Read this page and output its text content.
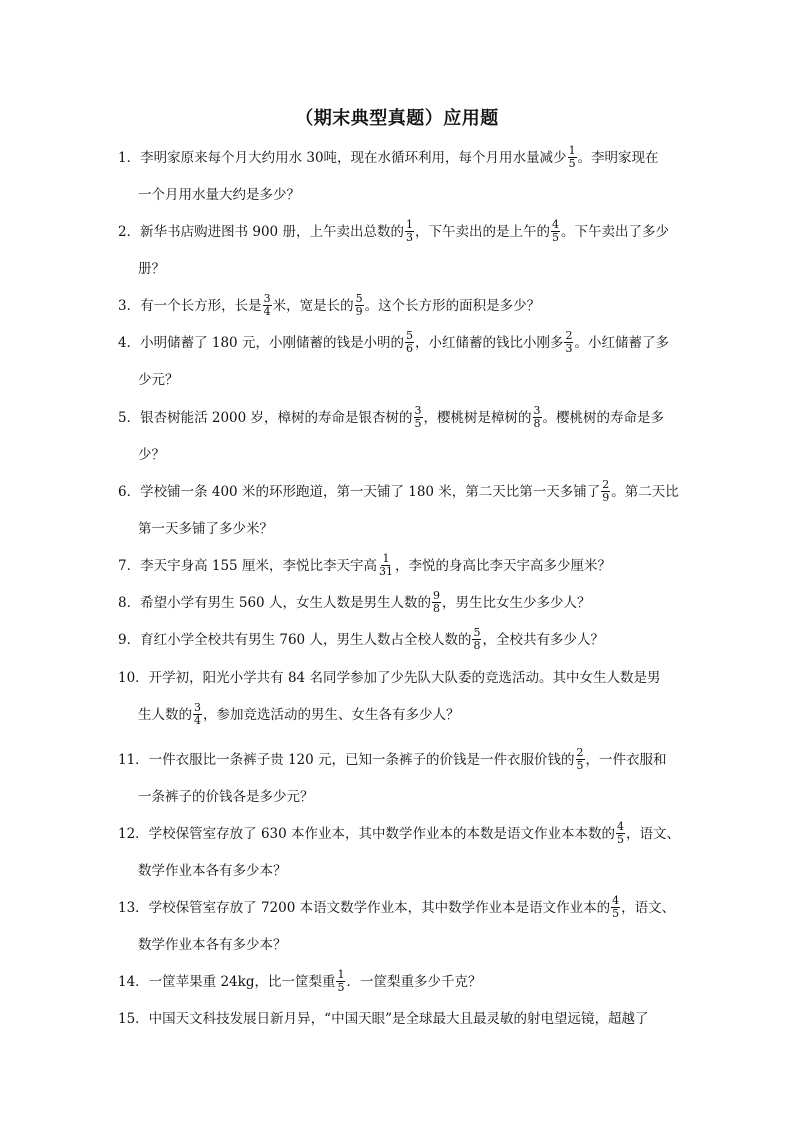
（期末典型真题）应用题
1．李明家原来每个月大约用水 30吨，现在水循环利用，每个月用水量减少 $\frac{1}{5}$ 。李明家现在
一个月用水量大约是多少？
2．新华书店购进图书 900 册，上午卖出总数的 $\frac{1}{3}$ ，下午卖出的是上午的 $\frac{4}{5}$ 。下午卖出了多少
册？
3．有一个长方形，长是 $\frac{3}{4}$ 米，宽是长的 $\frac{5}{9}$ 。这个长方形的面积是多少？
4．小明储蓄了 180 元，小刚储蓄的钱是小明的 $\frac{5}{6}$ ，小红储蓄的钱比小刚多 $\frac{2}{3}$ 。小红储蓄了多
少元？
5．银杏树能活 2000 岁，樟树的寿命是银杏树的 $\frac{3}{5}$ ，樱桃树是樟树的 $\frac{3}{8}$ 。樱桃树的寿命是多
少？
6．学校铺一条 400 米的环形跑道，第一天铺了 180 米，第二天比第一天多铺了 $\frac{2}{9}$ 。第二天比
第一天多铺了多少米？
7．李天宇身高 155 厘米，李悦比李天宇高 $\frac{1}{31}$ ，李悦的身高比李天宇高多少厘米？
8．希望小学有男生 560 人，女生人数是男生人数的 $\frac{9}{8}$ ，男生比女生少多少人？
9．育红小学全校共有男生 760 人，男生人数占全校人数的 $\frac{5}{8}$ ，全校共有多少人？
10．开学初，阳光小学共有 84 名同学参加了少先队大队委的竞选活动。其中女生人数是男
生人数的 $\frac{3}{4}$ ，参加竞选活动的男生、女生各有多少人？
11．一件衣服比一条裤子贵 120 元，已知一条裤子的价钱是一件衣服价钱的 $\frac{2}{5}$ ，一件衣服和
一条裤子的价钱各是多少元？
12．学校保管室存放了 630 本作业本，其中数学作业本的本数是语文作业本本数的 $\frac{4}{5}$ ，语文、
数学作业本各有多少本？
13．学校保管室存放了 7200 本语文数学作业本，其中数学作业本是语文作业本的 $\frac{4}{5}$ ，语文、
数学作业本各有多少本？
14．一筐苹果重 24kg，比一筐梨重 $\frac{1}{5}$ ．一筐梨重多少千克？
15．中国天文科技发展日新月异，“中国天眼”是全球最大且最灵敏的射电望远镜，超越了
